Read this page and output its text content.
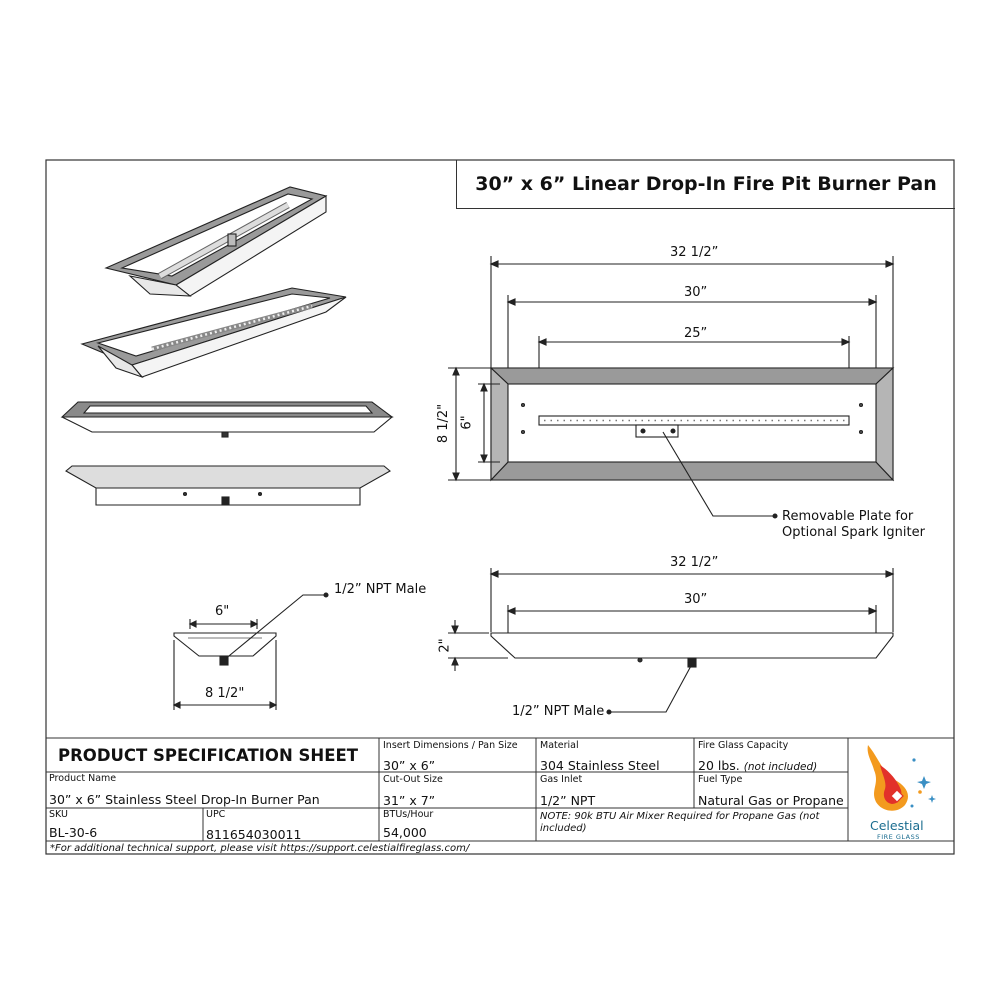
30” x 6” Linear Drop-In Fire Pit Burner Pan
32 1/2”
30”
25”
8 1/2" 6"
Removable Plate for
Optional Spark Igniter
32 1/2”
30”
2"
1/2” NPT Male
6"
8 1/2"
1/2” NPT Male
PRODUCT SPECIFICATION SHEET
Insert Dimensions / Pan Size
30” x 6”
Material
304 Stainless Steel
Fire Glass Capacity
20 lbs. (not included)
Product Name
30” x 6” Stainless Steel Drop-In Burner Pan
Cut-Out Size
31” x 7”
Gas Inlet
1/2” NPT
Fuel Type
Natural Gas or Propane
SKU
BL-30-6
UPC
811654030011
BTUs/Hour
54,000
NOTE: 90k BTU Air Mixer Required for Propane Gas (not included)
*For additional technical support, please visit https://support.celestialfireglass.com/
Celestial
FIRE GLASS
